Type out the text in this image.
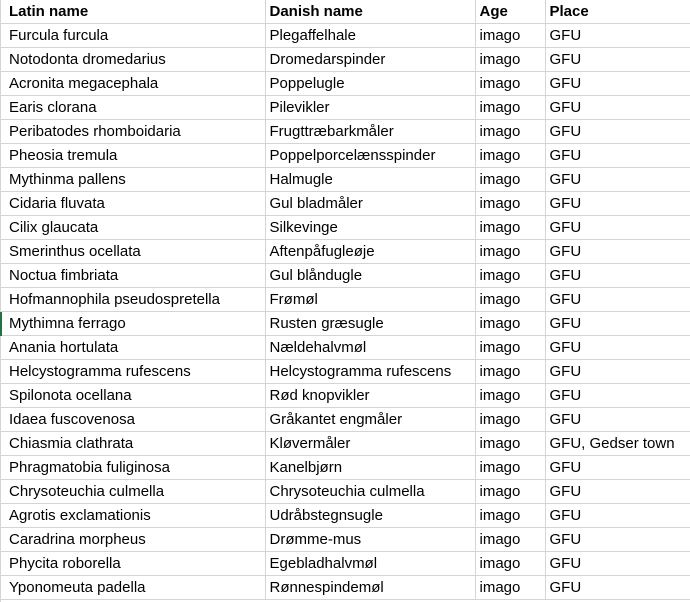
Latin name	Danish name	Age	Place
Furcula furcula	Plegaffelhale	imago	GFU
Notodonta dromedarius	Dromedarspinder	imago	GFU
Acronita megacephala	Poppelugle	imago	GFU
Earis clorana	Pilevikler	imago	GFU
Peribatodes rhomboidaria	Frugttræbarkmåler	imago	GFU
Pheosia tremula	Poppelporcelænsspinder	imago	GFU
Mythinma pallens	Halmugle	imago	GFU
Cidaria fluvata	Gul bladmåler	imago	GFU
Cilix glaucata	Silkevinge	imago	GFU
Smerinthus ocellata	Aftenpåfugleøje	imago	GFU
Noctua fimbriata	Gul blåndugle	imago	GFU
Hofmannophila pseudospretella	Frømøl	imago	GFU
Mythimna ferrago	Rusten græsugle	imago	GFU
Anania hortulata	Nældehalvmøl	imago	GFU
Helcystogramma rufescens	Helcystogramma rufescens	imago	GFU
Spilonota ocellana	Rød knopvikler	imago	GFU
Idaea fuscovenosa	Gråkantet engmåler	imago	GFU
Chiasmia clathrata	Kløvermåler	imago	GFU, Gedser town
Phragmatobia fuliginosa	Kanelbjørn	imago	GFU
Chrysoteuchia culmella	Chrysoteuchia culmella	imago	GFU
Agrotis exclamationis	Udråbstegnsugle	imago	GFU
Caradrina morpheus	Drømme-mus	imago	GFU
Phycita roborella	Egebladhalvmøl	imago	GFU
Yponomeuta padella	Rønnespindemøl	imago	GFU
